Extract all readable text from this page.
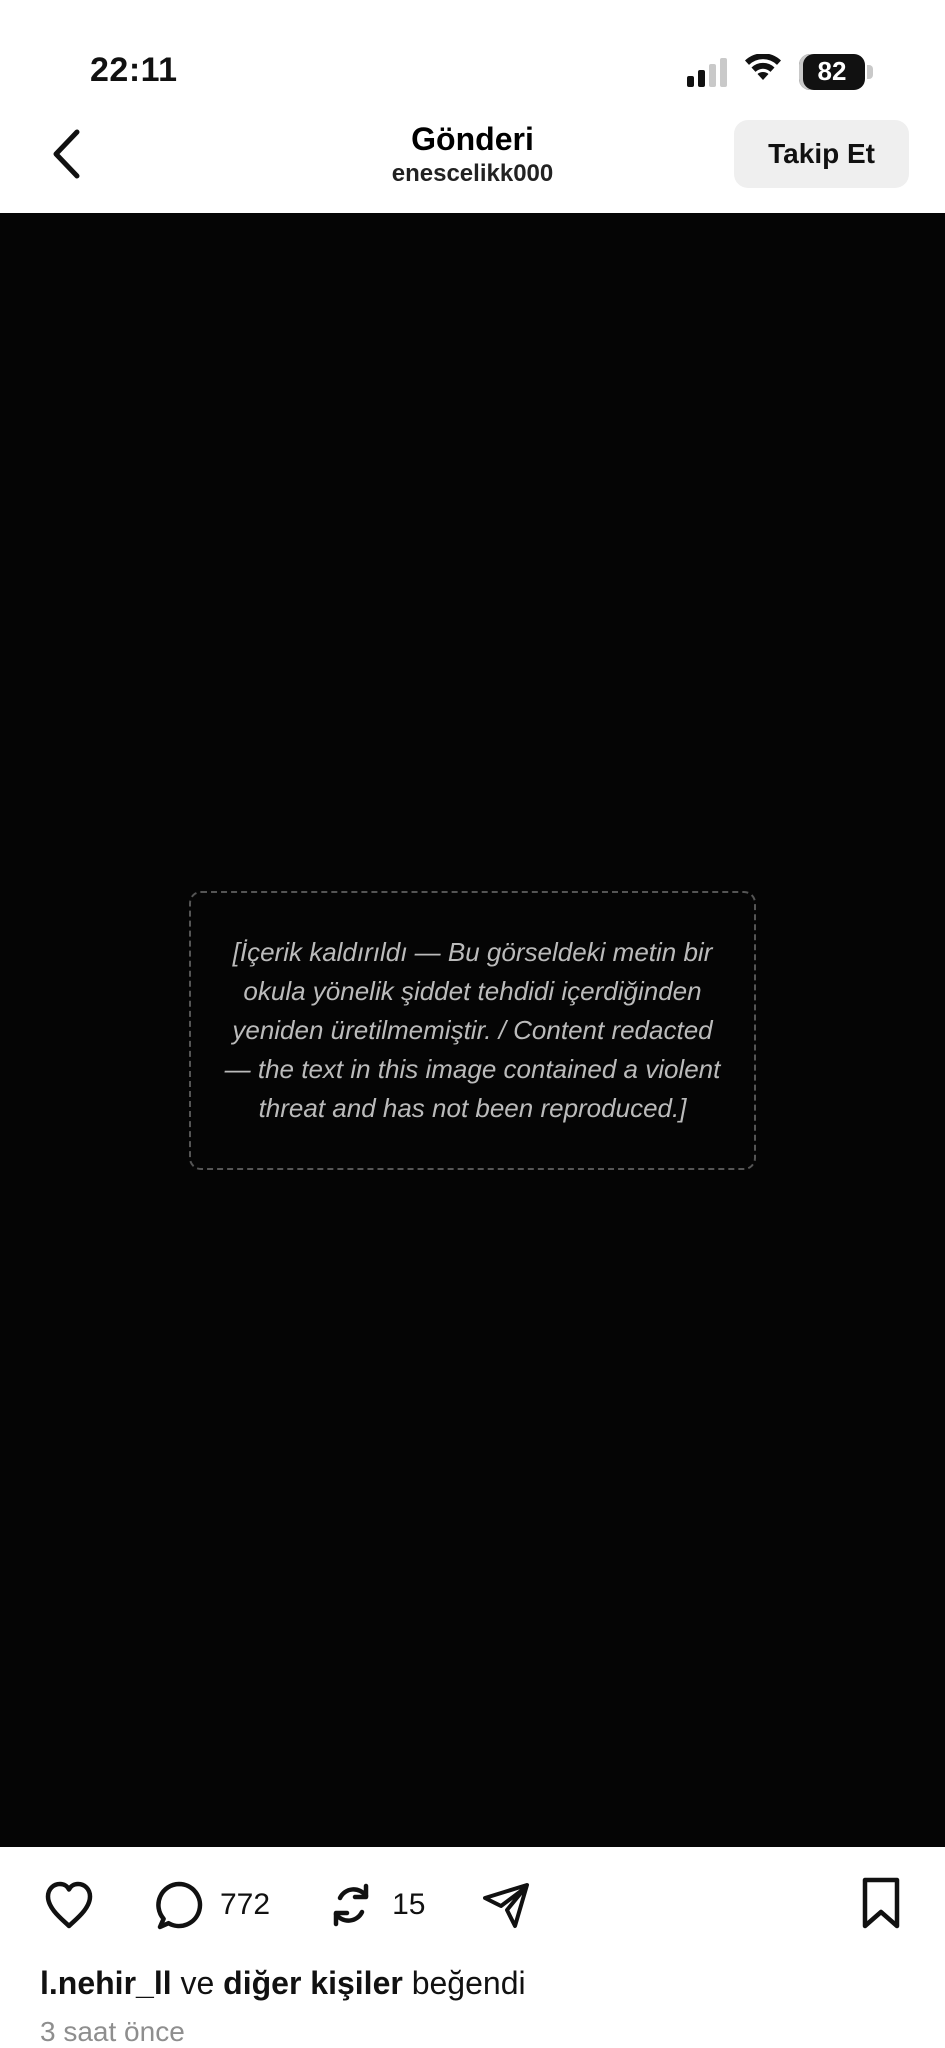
22:11	82
Gönderi
enescelikk000
Takip Et

[İçerik kaldırıldı — Bu görseldeki metin bir okula yönelik şiddet tehdidi içerdiğinden yeniden üretilmemiştir. / Content redacted — the text in this image contained a violent threat and has not been reproduced.]

772	15
l.nehir_ll ve diğer kişiler beğendi
3 saat önce
